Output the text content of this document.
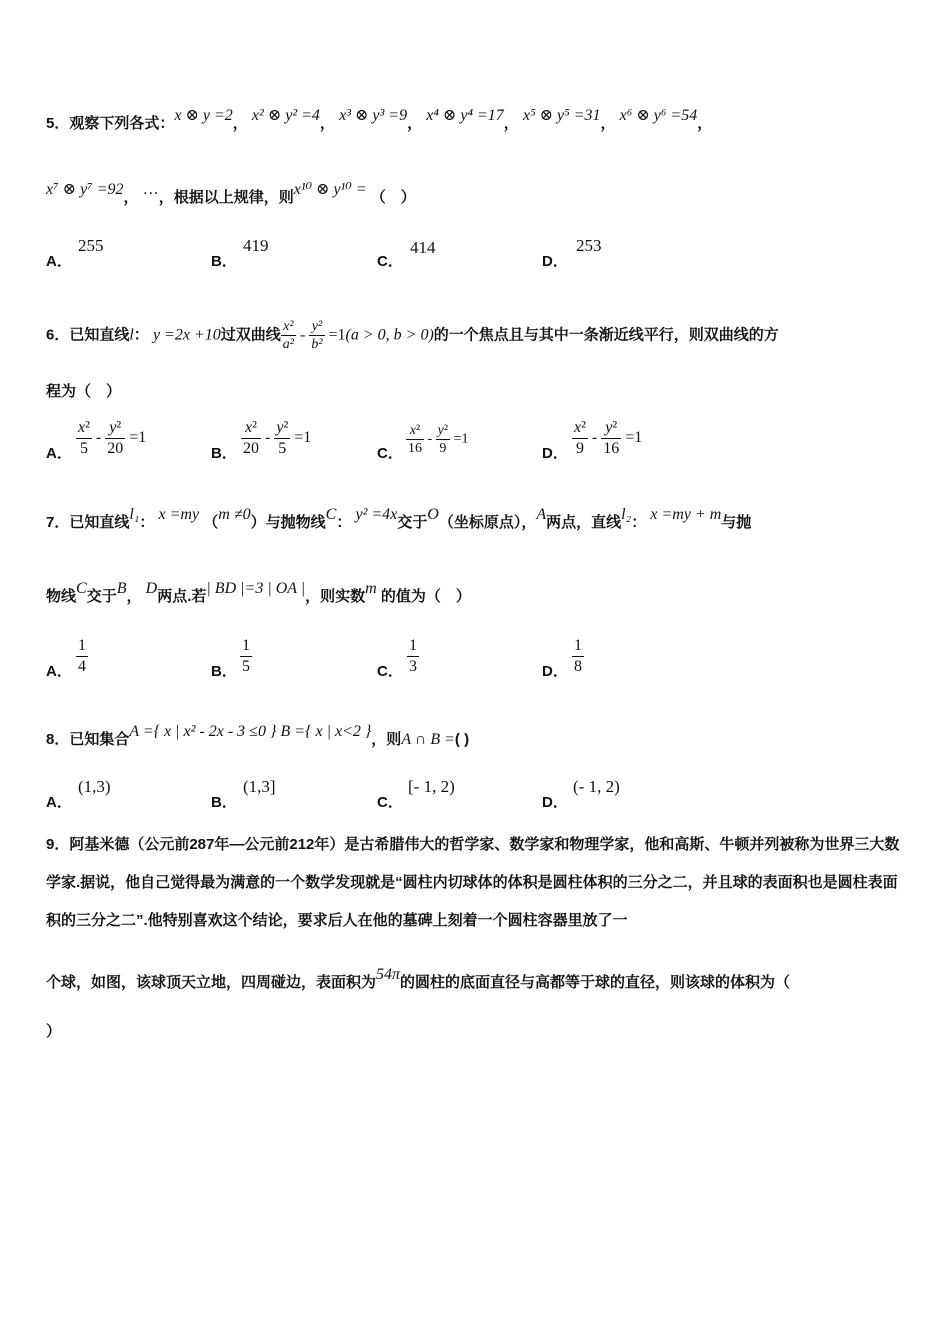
5．观察下列各式：x ⊗ y =2， x² ⊗ y² =4， x³ ⊗ y³ =9， x⁴ ⊗ y⁴ =17， x⁵ ⊗ y⁵ =31， x⁶ ⊗ y⁶ =54，
x⁷ ⊗ y⁷ =92， …，根据以上规律，则x¹⁰ ⊗ y¹⁰ = （　）
A．
255
B．
419
C．
414
D．
253
6．已知直线l： y =2x +10过双曲线 $\frac{\text{x²}}{\text{a²}} - \frac{\text{y²}}{\text{b²}} =1(a > 0$, b > 0)的一个焦点且与其中一条渐近线平行，则双曲线的方
程为（　）
A． $\frac{\text{x²}}{5} - \frac{\text{y²}}{20} =1$
B． $\frac{\text{x²}}{20} - \frac{\text{y²}}{5} =1$
C． $\frac{\text{x²}}{16} - \frac{\text{y²}}{9} =1$
D． $\frac{\text{x²}}{9} - \frac{\text{y²}}{16} =1$
7．已知直线l₁： x =my （m ≠0）与抛物线C： y² =4x交于O（坐标原点），A两点，直线l₂： x =my + m与抛
物线C交于B， D两点.若| BD |=3 | OA |，则实数m 的值为（　）
A． $\frac{1}{4}$	B． $\frac{1}{5}$	C． $\frac{1}{3}$	D． $\frac{1}{8}$
8．已知集合A ={ x | x² - 2x - 3 ≤0 } B ={ x | x<2 }，则A ∩ B =( )
A．
(1,3)
B．
(1,3]
C．
[- 1, 2)
D．
(- 1, 2)
9．阿基米德（公元前287年—公元前212年）是古希腊伟大的哲学家、数学家和物理学家，他和高斯、牛顿并列被称为世界三大数学家.据说，他自己觉得最为满意的一个数学发现就是“圆柱内切球体的体积是圆柱体积的三分之二，并且球的表面积也是圆柱表面积的三分之二”.他特别喜欢这个结论，要求后人在他的墓碑上刻着一个圆柱容器里放了一
个球，如图，该球顶天立地，四周碰边，表面积为54π的圆柱的底面直径与高都等于球的直径，则该球的体积为（
）
